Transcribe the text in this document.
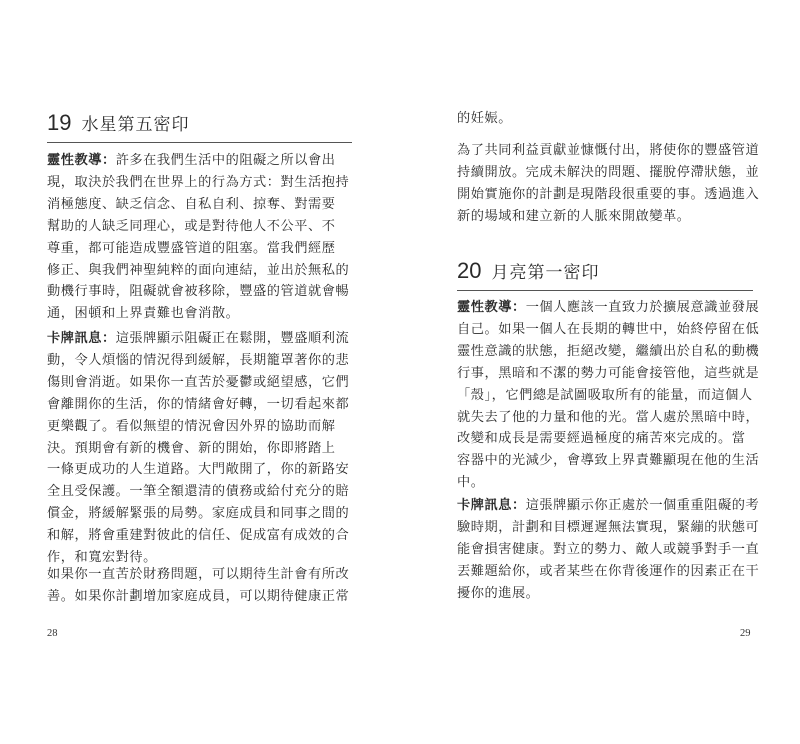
19 水星第五密印

靈性教導：許多在我們生活中的阻礙之所以會出
現，取決於我們在世界上的行為方式：對生活抱持
消極態度、缺乏信念、自私自利、掠奪、對需要
幫助的人缺乏同理心，或是對待他人不公平、不
尊重，都可能造成豐盛管道的阻塞。當我們經歷
修正、與我們神聖純粹的面向連結，並出於無私的
動機行事時，阻礙就會被移除，豐盛的管道就會暢
通，困頓和上界責難也會消散。

卡牌訊息：這張牌顯示阻礙正在鬆開，豐盛順利流
動，令人煩惱的情況得到緩解，長期籠罩著你的悲
傷則會消逝。如果你一直苦於憂鬱或絕望感，它們
會離開你的生活，你的情緒會好轉，一切看起來都
更樂觀了。看似無望的情況會因外界的協助而解
決。預期會有新的機會、新的開始，你即將踏上
一條更成功的人生道路。大門敞開了，你的新路安
全且受保護。一筆全額還清的債務或給付充分的賠
償金，將緩解緊張的局勢。家庭成員和同事之間的
和解，將會重建對彼此的信任、促成富有成效的合
作，和寬宏對待。

如果你一直苦於財務問題，可以期待生計會有所改
善。如果你計劃增加家庭成員，可以期待健康正常

28

的妊娠。

為了共同利益貢獻並慷慨付出，將使你的豐盛管道
持續開放。完成未解決的問題、擺脫停滯狀態，並
開始實施你的計劃是現階段很重要的事。透過進入
新的場域和建立新的人脈來開啟變革。

20 月亮第一密印

靈性教導：一個人應該一直致力於擴展意識並發展
自己。如果一個人在長期的轉世中，始終停留在低
靈性意識的狀態，拒絕改變，繼續出於自私的動機
行事，黑暗和不潔的勢力可能會接管他，這些就是
「殼」，它們總是試圖吸取所有的能量，而這個人
就失去了他的力量和他的光。當人處於黑暗中時，
改變和成長是需要經過極度的痛苦來完成的。當
容器中的光減少，會導致上界責難顯現在他的生活
中。

卡牌訊息：這張牌顯示你正處於一個重重阻礙的考
驗時期，計劃和目標遲遲無法實現，緊繃的狀態可
能會損害健康。對立的勢力、敵人或競爭對手一直
丟難題給你，或者某些在你背後運作的因素正在干
擾你的進展。

29
